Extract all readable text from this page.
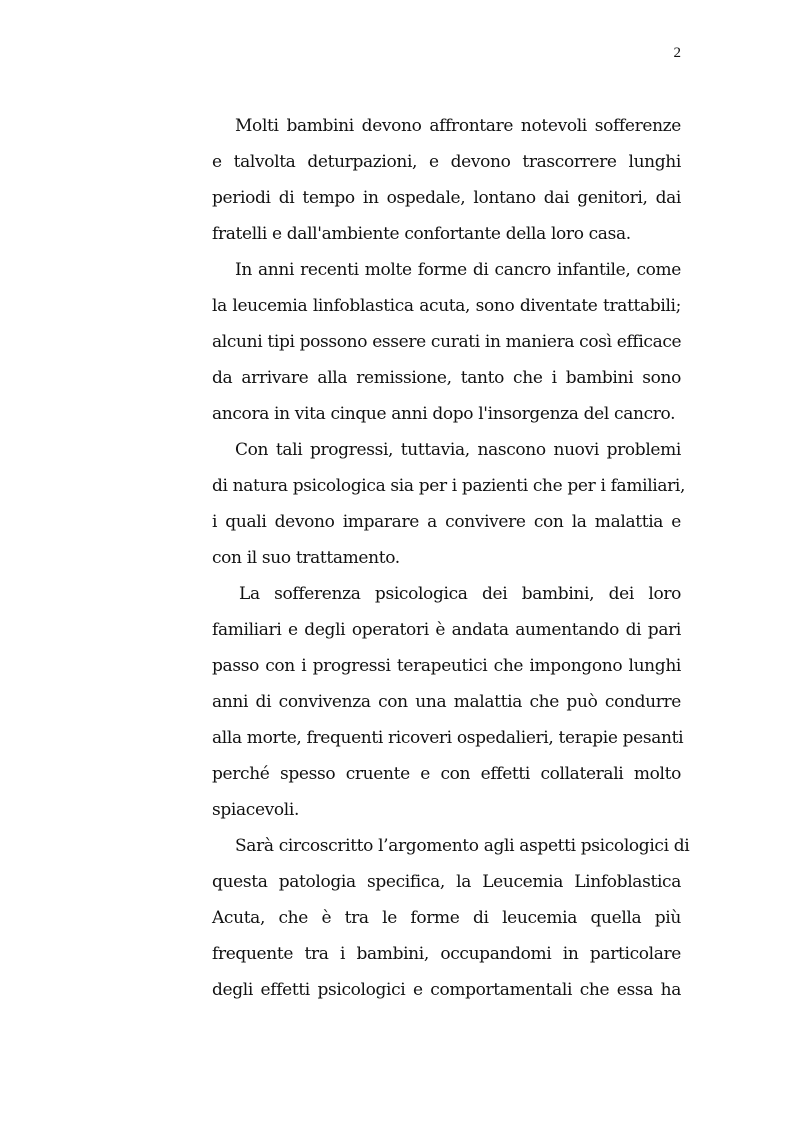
2
Molti bambini devono affrontare notevoli sofferenze
e talvolta deturpazioni, e devono trascorrere lunghi
periodi di tempo in ospedale, lontano dai genitori, dai
fratelli e dall'ambiente confortante della loro casa.
In anni recenti molte forme di cancro infantile, come
la leucemia linfoblastica acuta, sono diventate trattabili;
alcuni tipi possono essere curati in maniera così efficace
da arrivare alla remissione, tanto che i bambini sono
ancora in vita cinque anni dopo l'insorgenza del cancro.
Con tali progressi, tuttavia, nascono nuovi problemi
di natura psicologica sia per i pazienti che per i familiari,
i quali devono imparare a convivere con la malattia e
con il suo trattamento.
La sofferenza psicologica dei bambini, dei loro
familiari e degli operatori è andata aumentando di pari
passo con i progressi terapeutici che impongono lunghi
anni di convivenza con una malattia che può condurre
alla morte, frequenti ricoveri ospedalieri, terapie pesanti
perché spesso cruente e con effetti collaterali molto
spiacevoli.
Sarà circoscritto l’argomento agli aspetti psicologici di
questa patologia specifica, la Leucemia Linfoblastica
Acuta, che è tra le forme di leucemia quella più
frequente tra i bambini, occupandomi in particolare
degli effetti psicologici e comportamentali che essa ha
